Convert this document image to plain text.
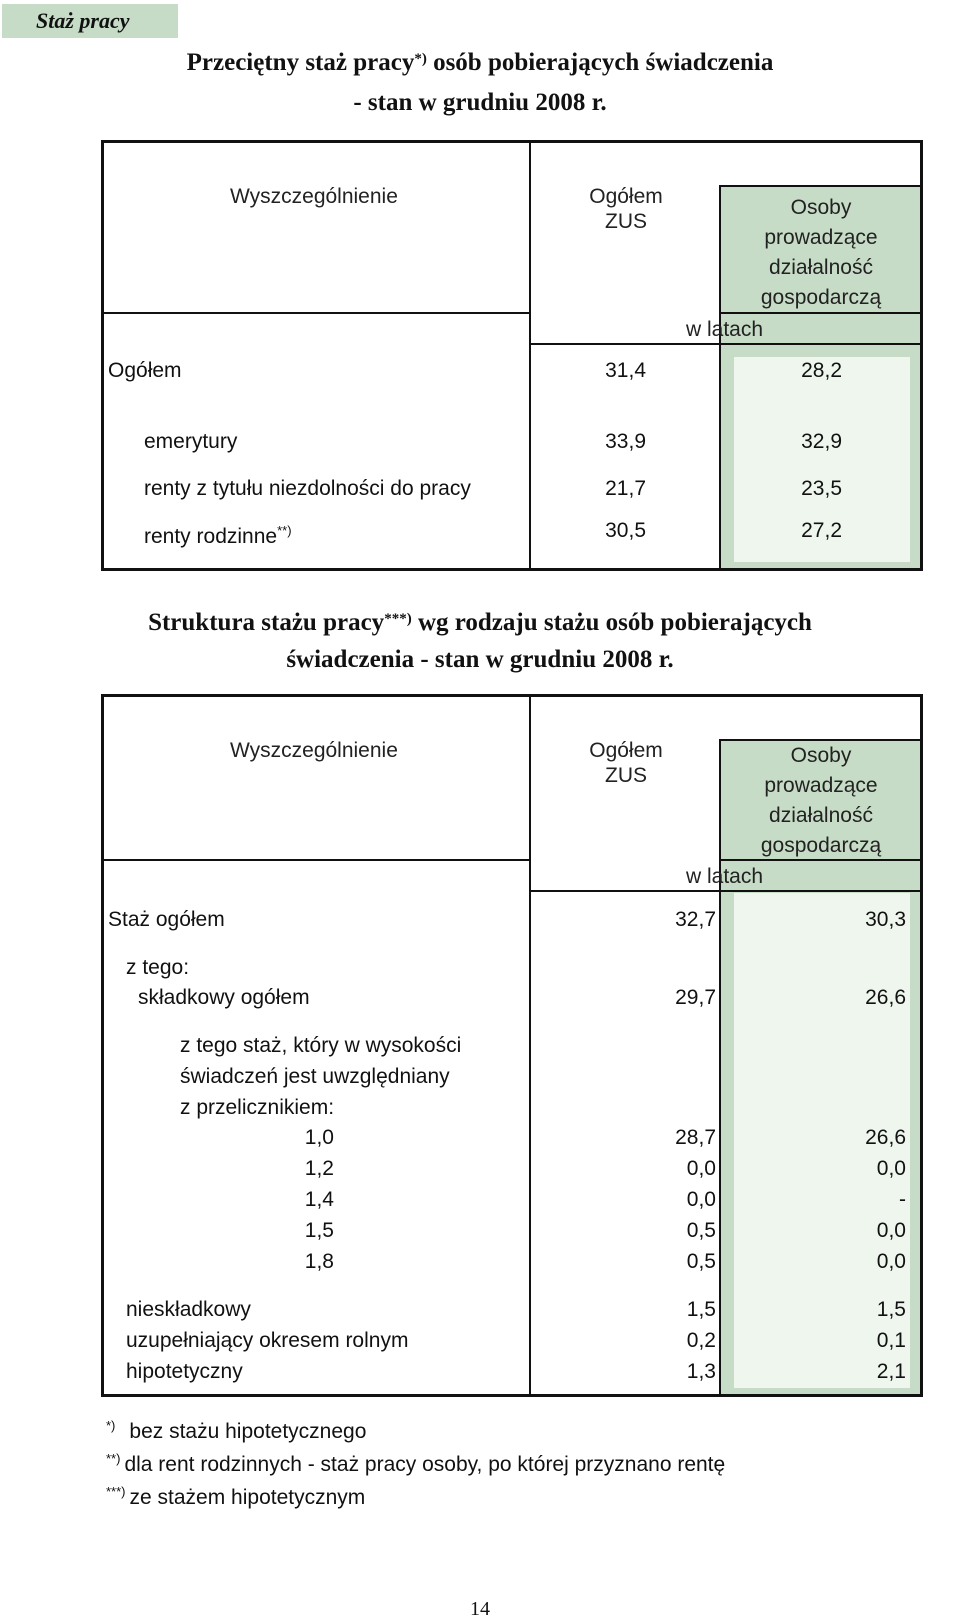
Staż pracy
Przeciętny staż pracy*) osób pobierających świadczenia
- stan w grudniu 2008 r.
Wyszczególnienie	Ogółem
ZUS
Osoby
prowadzące
działalność
gospodarczą
w latach
Ogółem	31,4	28,2
emerytury	33,9	32,9
renty z tytułu niezdolności do pracy	21,7	23,5
renty rodzinne**)	30,5	27,2
Struktura stażu pracy***) wg rodzaju stażu osób pobierających
świadczenia - stan w grudniu 2008 r.
Wyszczególnienie	Ogółem
ZUS
Osoby
prowadzące
działalność
gospodarczą
w latach
Staż ogółem	32,7	30,3
z tego:
składkowy ogółem	29,7	26,6
z tego staż, który w wysokości
świadczeń jest uwzględniany
z przelicznikiem:
1,0	28,7	26,6
1,2	0,0	0,0
1,4	0,0	-
1,5	0,5	0,0
1,8	0,5	0,0
nieskładkowy	1,5	1,5
uzupełniający okresem rolnym	0,2	0,1
hipotetyczny	1,3	2,1
*) bez stażu hipotetycznego
**) dla rent rodzinnych - staż pracy osoby, po której przyznano rentę
***) ze stażem hipotetycznym
14
